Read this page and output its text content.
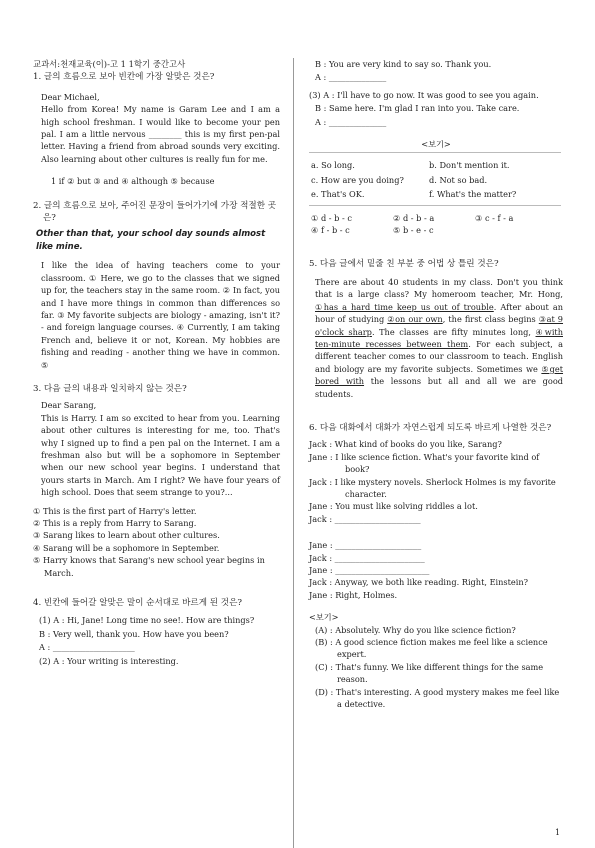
교과서:천재교육(이)-고 1 1학기 중간고사

1. 글의 흐름으로 보아 빈칸에 가장 알맞은 것은?

Dear Michael,

Hello from Korea! My name is Garam Lee and I am a high school freshman. I would like to become your pen pal. I am a little nervous ________ this is my first pen-pal letter. Having a friend from abroad sounds very exciting. Also learning about other cultures is really fun for me.

1 if ② but ③ and ④ although ⑤ because

2. 글의 흐름으로 보아, 주어진 문장이 들어가기에 가장 적절한 곳은?

Other than that, your school day sounds almost like mine.

I like the idea of having teachers come to your classroom. ① Here, we go to the classes that we signed up for, the teachers stay in the same room. ② In fact, you and I have more things in common than differences so far. ③ My favorite subjects are biology - amazing, isn't it? - and foreign language courses. ④ Currently, I am taking French and, believe it or not, Korean. My hobbies are fishing and reading - another thing we have in common. ⑤

3. 다음 글의 내용과 일치하지 않는 것은?

Dear Sarang,

This is Harry. I am so excited to hear from you. Learning about other cultures is interesting for me, too. That's why I signed up to find a pen pal on the Internet. I am a freshman also but will be a sophomore in September when our new school year begins. I understand that yours starts in March. Am I right? We have four years of high school. Does that seem strange to you?...

① This is the first part of Harry's letter.

② This is a reply from Harry to Sarang.

③ Sarang likes to learn about other cultures.

④ Sarang will be a sophomore in September.

⑤ Harry knows that Sarang's new school year begins in March.

4. 빈칸에 들어갈 알맞은 말이 순서대로 바르게 된 것은?

(1) A : Hi, Jane! Long time no see!. How are things?

B : Very well, thank you. How have you been?

A : ____________________

(2) A : Your writing is interesting.

B : You are very kind to say so. Thank you.

A : ______________

(3) A : I'll have to go now. It was good to see you again.

B : Same here. I'm glad I ran into you. Take care.

A : ______________

<보기>

a. So long.	b. Don't mention it.
c. How are you doing?	d. Not so bad.
e. That's OK.	f. What's the matter?
① d - b - c	② d - b - a	③ c - f - a
④ f - b - c	⑤ b - e - c

5. 다음 글에서 밑줄 친 부분 중 어법 상 틀린 것은?

There are about 40 students in my class. Don't you think that is a large class? My homeroom teacher, Mr. Hong, ①has a hard time keep us out of trouble. After about an hour of studying ②on our own, the first class begins ③at 9 o'clock sharp. The classes are fifty minutes long, ④with ten-minute recesses between them. For each subject, a different teacher comes to our classroom to teach. English and biology are my favorite subjects. Sometimes we ⑤get bored with the lessons but all and all we are good students.

6. 다음 대화에서 대화가 자연스럽게 되도록 바르게 나열한 것은?

Jack : What kind of books do you like, Sarang?

Jane : I like science fiction. What's your favorite kind of book?

Jack : I like mystery novels. Sherlock Holmes is my favorite character.

Jane : You must like solving riddles a lot.

Jack : _____________________

Jane : _____________________

Jack : ______________________

Jane : _______________________

Jack : Anyway, we both like reading. Right, Einstein?

Jane : Right, Holmes.

<보기>

(A) : Absolutely. Why do you like science fiction?

(B) : A good science fiction makes me feel like a science expert.

(C) : That's funny. We like different things for the same reason.

(D) : That's interesting. A good mystery makes me feel like a detective.

1
